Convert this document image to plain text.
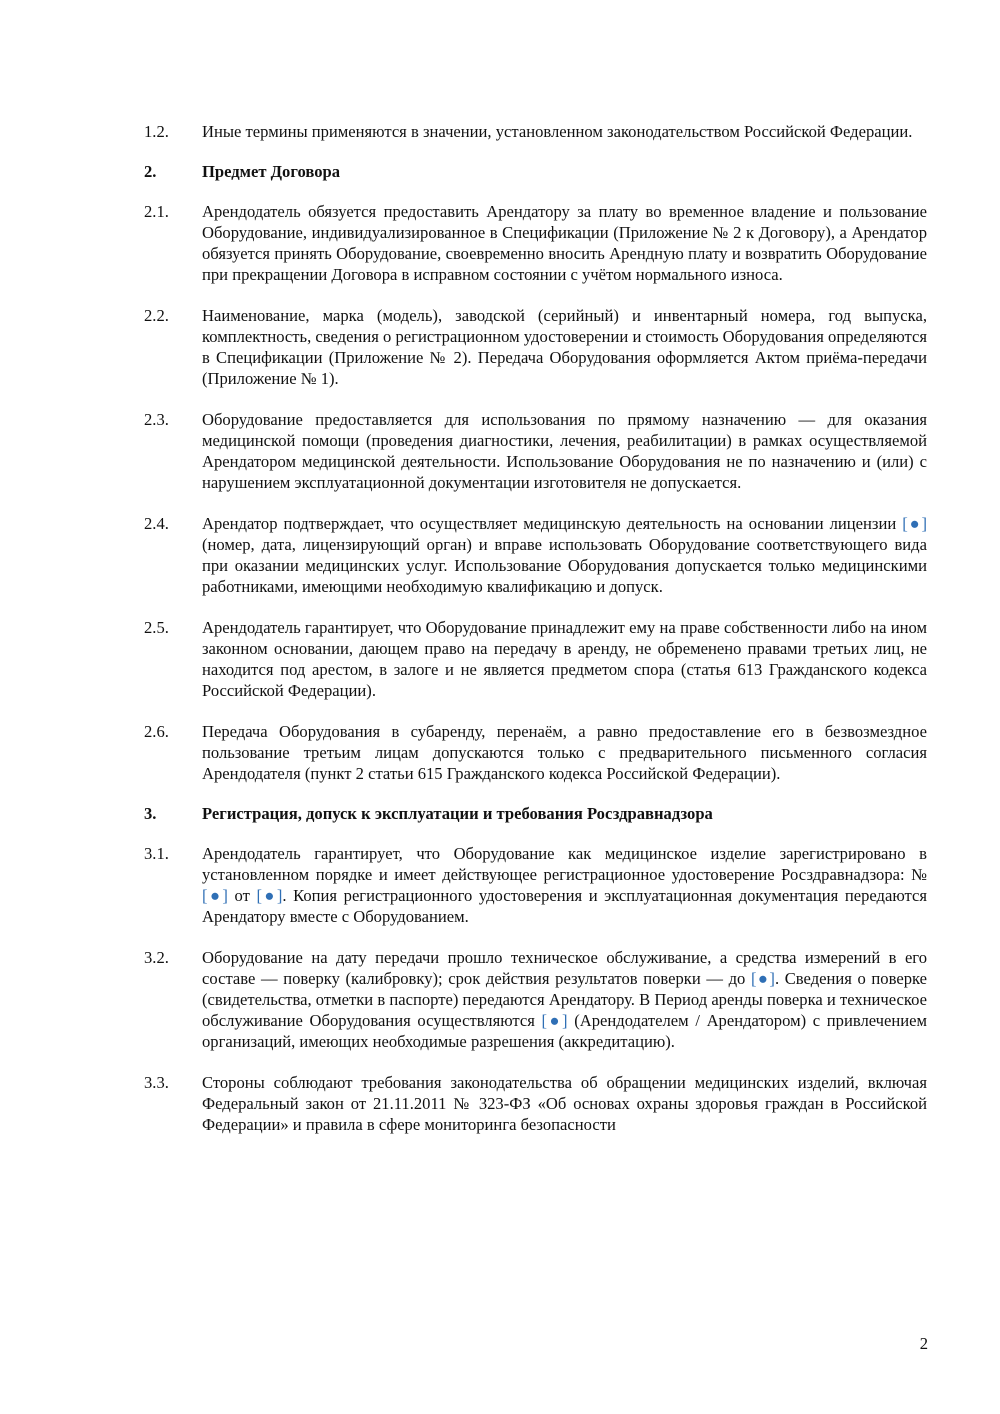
1.2.	Иные термины применяются в значении, установленном законодательством Российской Федерации.
2.	Предмет Договора
2.1.	Арендодатель обязуется предоставить Арендатору за плату во временное владение и пользование Оборудование, индивидуализированное в Спецификации (Приложение № 2 к Договору), а Арендатор обязуется принять Оборудование, своевременно вносить Арендную плату и возвратить Оборудование при прекращении Договора в исправном состоянии с учётом нормального износа.
2.2.	Наименование, марка (модель), заводской (серийный) и инвентарный номера, год выпуска, комплектность, сведения о регистрационном удостоверении и стоимость Оборудования определяются в Спецификации (Приложение № 2). Передача Оборудования оформляется Актом приёма-передачи (Приложение № 1).
2.3.	Оборудование предоставляется для использования по прямому назначению — для оказания медицинской помощи (проведения диагностики, лечения, реабилитации) в рамках осуществляемой Арендатором медицинской деятельности. Использование Оборудования не по назначению и (или) с нарушением эксплуатационной документации изготовителя не допускается.
2.4.	Арендатор подтверждает, что осуществляет медицинскую деятельность на основании лицензии [●] (номер, дата, лицензирующий орган) и вправе использовать Оборудование соответствующего вида при оказании медицинских услуг. Использование Оборудования допускается только медицинскими работниками, имеющими необходимую квалификацию и допуск.
2.5.	Арендодатель гарантирует, что Оборудование принадлежит ему на праве собственности либо на ином законном основании, дающем право на передачу в аренду, не обременено правами третьих лиц, не находится под арестом, в залоге и не является предметом спора (статья 613 Гражданского кодекса Российской Федерации).
2.6.	Передача Оборудования в субаренду, перенаём, а равно предоставление его в безвозмездное пользование третьим лицам допускаются только с предварительного письменного согласия Арендодателя (пункт 2 статьи 615 Гражданского кодекса Российской Федерации).
3.	Регистрация, допуск к эксплуатации и требования Росздравнадзора
3.1.	Арендодатель гарантирует, что Оборудование как медицинское изделие зарегистрировано в установленном порядке и имеет действующее регистрационное удостоверение Росздравнадзора: № [●] от [●]. Копия регистрационного удостоверения и эксплуатационная документация передаются Арендатору вместе с Оборудованием.
3.2.	Оборудование на дату передачи прошло техническое обслуживание, а средства измерений в его составе — поверку (калибровку); срок действия результатов поверки — до [●]. Сведения о поверке (свидетельства, отметки в паспорте) передаются Арендатору. В Период аренды поверка и техническое обслуживание Оборудования осуществляются [●] (Арендодателем / Арендатором) с привлечением организаций, имеющих необходимые разрешения (аккредитацию).
3.3.	Стороны соблюдают требования законодательства об обращении медицинских изделий, включая Федеральный закон от 21.11.2011 № 323-ФЗ «Об основах охраны здоровья граждан в Российской Федерации» и правила в сфере мониторинга безопасности
2
